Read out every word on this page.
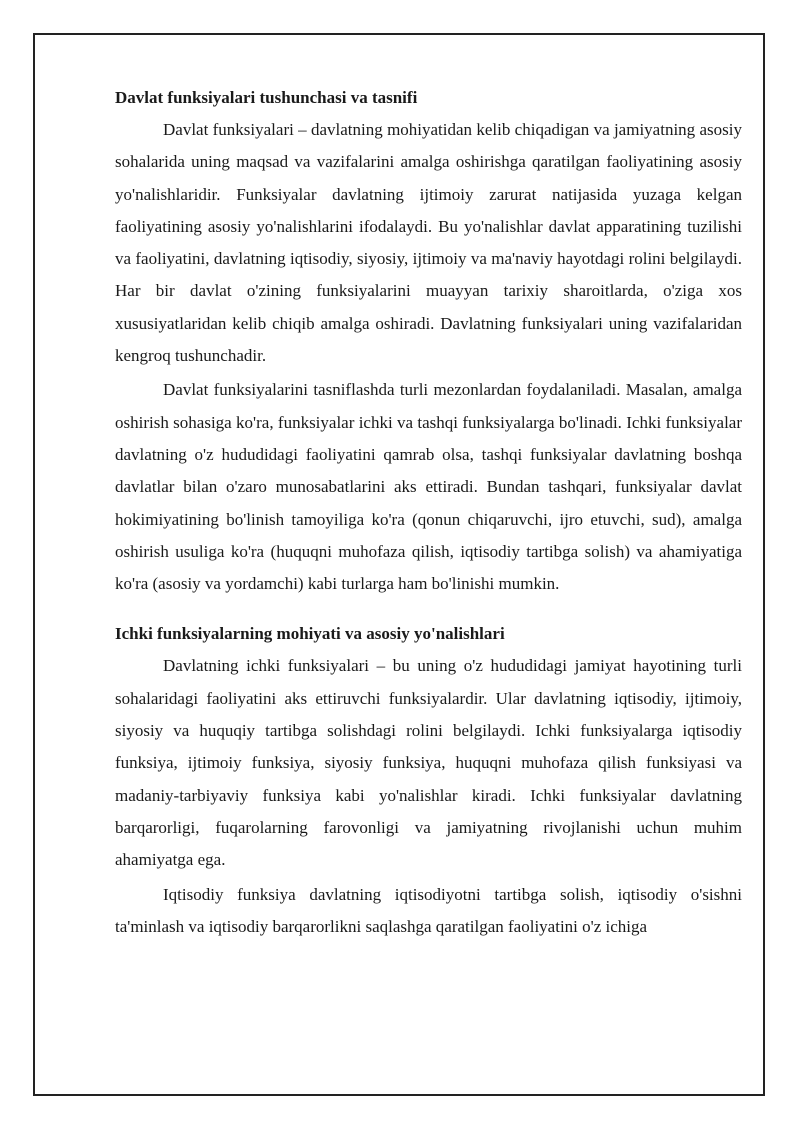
Davlat funksiyalari tushunchasi va tasnifi

Davlat funksiyalari – davlatning mohiyatidan kelib chiqadigan va jamiyatning asosiy sohalarida uning maqsad va vazifalarini amalga oshirishga qaratilgan faoliyatining asosiy yo'nalishlaridir. Funksiyalar davlatning ijtimoiy zarurat natijasida yuzaga kelgan faoliyatining asosiy yo'nalishlarini ifodalaydi. Bu yo'nalishlar davlat apparatining tuzilishi va faoliyatini, davlatning iqtisodiy, siyosiy, ijtimoiy va ma'naviy hayotdagi rolini belgilaydi. Har bir davlat o'zining funksiyalarini muayyan tarixiy sharoitlarda, o'ziga xos xususiyatlaridan kelib chiqib amalga oshiradi. Davlatning funksiyalari uning vazifalaridan kengroq tushunchadir.

Davlat funksiyalarini tasniflashda turli mezonlardan foydalaniladi. Masalan, amalga oshirish sohasiga ko'ra, funksiyalar ichki va tashqi funksiyalarga bo'linadi. Ichki funksiyalar davlatning o'z hududidagi faoliyatini qamrab olsa, tashqi funksiyalar davlatning boshqa davlatlar bilan o'zaro munosabatlarini aks ettiradi. Bundan tashqari, funksiyalar davlat hokimiyatining bo'linish tamoyiliga ko'ra (qonun chiqaruvchi, ijro etuvchi, sud), amalga oshirish usuliga ko'ra (huquqni muhofaza qilish, iqtisodiy tartibga solish) va ahamiyatiga ko'ra (asosiy va yordamchi) kabi turlarga ham bo'linishi mumkin.

Ichki funksiyalarning mohiyati va asosiy yo'nalishlari

Davlatning ichki funksiyalari – bu uning o'z hududidagi jamiyat hayotining turli sohalaridagi faoliyatini aks ettiruvchi funksiyalardir. Ular davlatning iqtisodiy, ijtimoiy, siyosiy va huquqiy tartibga solishdagi rolini belgilaydi. Ichki funksiyalarga iqtisodiy funksiya, ijtimoiy funksiya, siyosiy funksiya, huquqni muhofaza qilish funksiyasi va madaniy-tarbiyaviy funksiya kabi yo'nalishlar kiradi. Ichki funksiyalar davlatning barqarorligi, fuqarolarning farovonligi va jamiyatning rivojlanishi uchun muhim ahamiyatga ega.

Iqtisodiy funksiya davlatning iqtisodiyotni tartibga solish, iqtisodiy o'sishni ta'minlash va iqtisodiy barqarorlikni saqlashga qaratilgan faoliyatini o'z ichiga
